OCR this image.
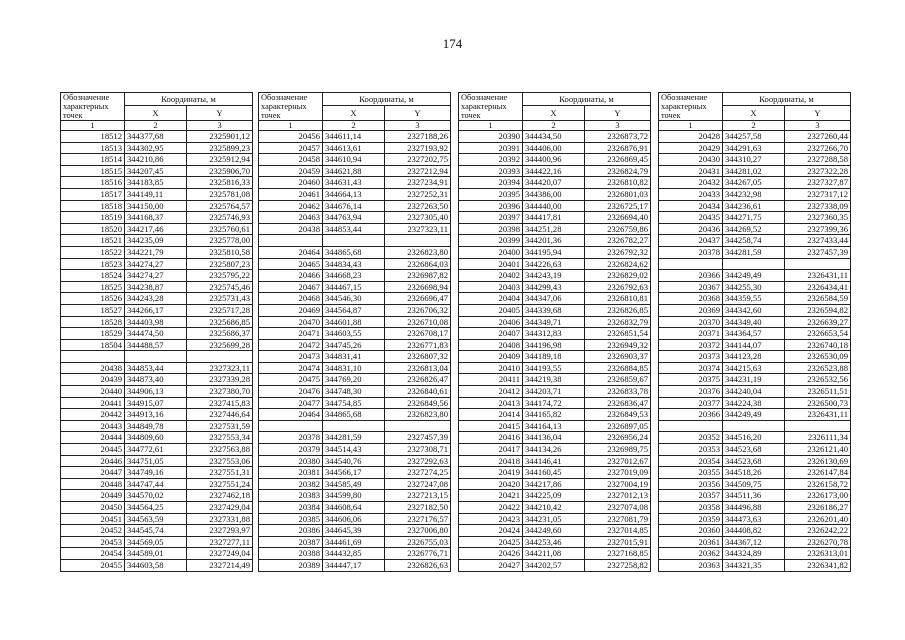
174
Обозначение характерных точек	Координаты, м	
	X	Y
1	2	3
18512	344377,68	2325901,12
18513	344302,95	2325899,23
18514	344210,86	2325912,94
18515	344207,45	2325906,70
18516	344183,85	2325816,33
18517	344149,11	2325781,08
18518	344150,00	2325764,57
18519	344168,37	2325746,93
18520	344217,46	2325760,61
18521	344235,09	2325778,00
18522	344221,79	2325810,58
18523	344274,27	2325807,23
18524	344274,27	2325795,22
18525	344238,87	2325745,46
18526	344243,28	2325731,43
18527	344266,17	2325717,28
18528	344403,98	2325686,85
18529	344474,50	2325686,37
18504	344488,57	2325699,28

20438	344853,44	2327323,11
20439	344873,40	2327339,28
20440	344906,13	2327380,70
20441	344915,07	2327415,83
20442	344913,16	2327446,64
20443	344849,78	2327531,59
20444	344809,60	2327553,34
20445	344772,61	2327563,88
20446	344751,05	2327553,06
20447	344749,16	2327551,31
20448	344747,44	2327551,24
20449	344570,02	2327462,18
20450	344564,25	2327429,04
20451	344563,59	2327331,88
20452	344545,74	2327293,97
20453	344569,05	2327277,11
20454	344589,01	2327249,04
20455	344603,58	2327214,49
Обозначение характерных точек	Координаты, м	
	X	Y
1	2	3
20456	344611,14	2327188,26
20457	344613,61	2327193,92
20458	344610,94	2327202,75
20459	344621,88	2327212,94
20460	344631,43	2327234,91
20461	344664,13	2327252,31
20462	344676,14	2327263,50
20463	344763,94	2327305,40
20438	344853,44	2327323,11

20464	344865,68	2326823,80
20465	344834,43	2326864,03
20466	344668,23	2326987,82
20467	344467,15	2326698,94
20468	344546,30	2326696,47
20469	344564,87	2326706,32
20470	344601,88	2326710,08
20471	344603,55	2326708,17
20472	344745,26	2326771,83
20473	344831,41	2326807,32
20474	344831,10	2326813,04
20475	344769,20	2326826,47
20476	344748,30	2326840,61
20477	344754,85	2326849,56
20464	344865,68	2326823,80

20378	344281,59	2327457,39
20379	344514,43	2327308,71
20380	344540,76	2327292,63
20381	344566,17	2327274,25
20382	344585,49	2327247,08
20383	344599,80	2327213,15
20384	344608,64	2327182,50
20385	344606,06	2327176,57
20386	344645,39	2327006,80
20387	344461,69	2326755,03
20388	344432,85	2326776,71
20389	344447,17	2326826,63
Обозначение характерных точек	Координаты, м	
	X	Y
1	2	3
20390	344434,50	2326873,72
20391	344406,00	2326876,91
20392	344400,96	2326869,45
20393	344422,16	2326824,79
20394	344420,07	2326810,82
20395	344386,00	2326801,03
20396	344440,00	2326725,17
20397	344417,81	2326694,40
20398	344251,28	2326759,86
20399	344201,36	2326782,27
20400	344195,94	2326792,32
20401	344226,63	2326824,62
20402	344243,19	2326829,02
20403	344299,43	2326792,63
20404	344347,06	2326810,81
20405	344339,68	2326826,85
20406	344349,71	2326832,79
20407	344312,83	2326851,54
20408	344196,98	2326949,32
20409	344189,18	2326903,37
20410	344193,55	2326884,85
20411	344219,38	2326859,67
20412	344203,71	2326833,78
20413	344174,72	2326836,47
20414	344165,82	2326849,53
20415	344164,13	2326897,05
20416	344136,04	2326956,24
20417	344134,26	2326989,75
20418	344146,41	2327012,67
20419	344160,45	2327019,09
20420	344217,86	2327004,19
20421	344225,09	2327012,13
20422	344210,42	2327074,08
20423	344231,05	2327081,79
20424	344249,60	2327014,85
20425	344253,46	2327015,91
20426	344211,08	2327168,85
20427	344202,57	2327258,82
Обозначение характерных точек	Координаты, м	
	X	Y
1	2	3
20428	344257,58	2327260,44
20429	344291,63	2327266,70
20430	344310,27	2327288,58
20431	344281,02	2327322,28
20432	344267,05	2327327,87
20433	344232,98	2327317,12
20434	344236,61	2327338,09
20435	344271,75	2327360,35
20436	344269,52	2327399,36
20437	344258,74	2327433,44
20378	344281,59	2327457,39

20366	344249,49	2326431,11
20367	344255,30	2326434,41
20368	344359,55	2326584,59
20369	344342,60	2326594,82
20370	344349,40	2326639,27
20371	344364,57	2326653,54
20372	344144,07	2326740,18
20373	344123,28	2326530,09
20374	344215,63	2326523,88
20375	344231,19	2326532,56
20376	344240,04	2326511,51
20377	344224,38	2326500,73
20366	344249,49	2326431,11

20352	344516,20	2326111,34
20353	344523,68	2326121,40
20354	344523,68	2326130,69
20355	344518,26	2326147,84
20356	344509,75	2326158,72
20357	344511,36	2326173,00
20358	344496,88	2326186,27
20359	344473,63	2326201,40
20360	344408,82	2326242,22
20361	344367,12	2326270,78
20362	344324,89	2326313,01
20363	344321,35	2326341,82
